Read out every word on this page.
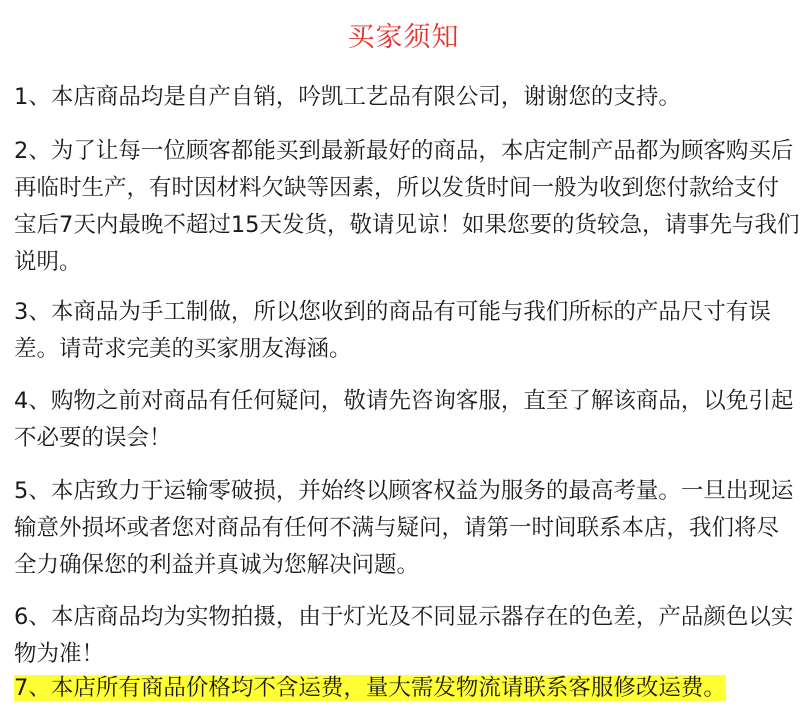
买家须知

1、本店商品均是自产自销，吟凯工艺品有限公司，谢谢您的支持。

2、为了让每一位顾客都能买到最新最好的商品，本店定制产品都为顾客购买后再临时生产，有时因材料欠缺等因素，所以发货时间一般为收到您付款给支付宝后7天内最晚不超过15天发货，敬请见谅！如果您要的货较急，请事先与我们说明。

3、本商品为手工制做，所以您收到的商品有可能与我们所标的产品尺寸有误差。请苛求完美的买家朋友海涵。

4、购物之前对商品有任何疑问，敬请先咨询客服，直至了解该商品，以免引起不必要的误会！

5、本店致力于运输零破损，并始终以顾客权益为服务的最高考量。一旦出现运输意外损坏或者您对商品有任何不满与疑问，请第一时间联系本店，我们将尽全力确保您的利益并真诚为您解决问题。

6、本店商品均为实物拍摄，由于灯光及不同显示器存在的色差，产品颜色以实物为准！

7、本店所有商品价格均不含运费，量大需发物流请联系客服修改运费。
